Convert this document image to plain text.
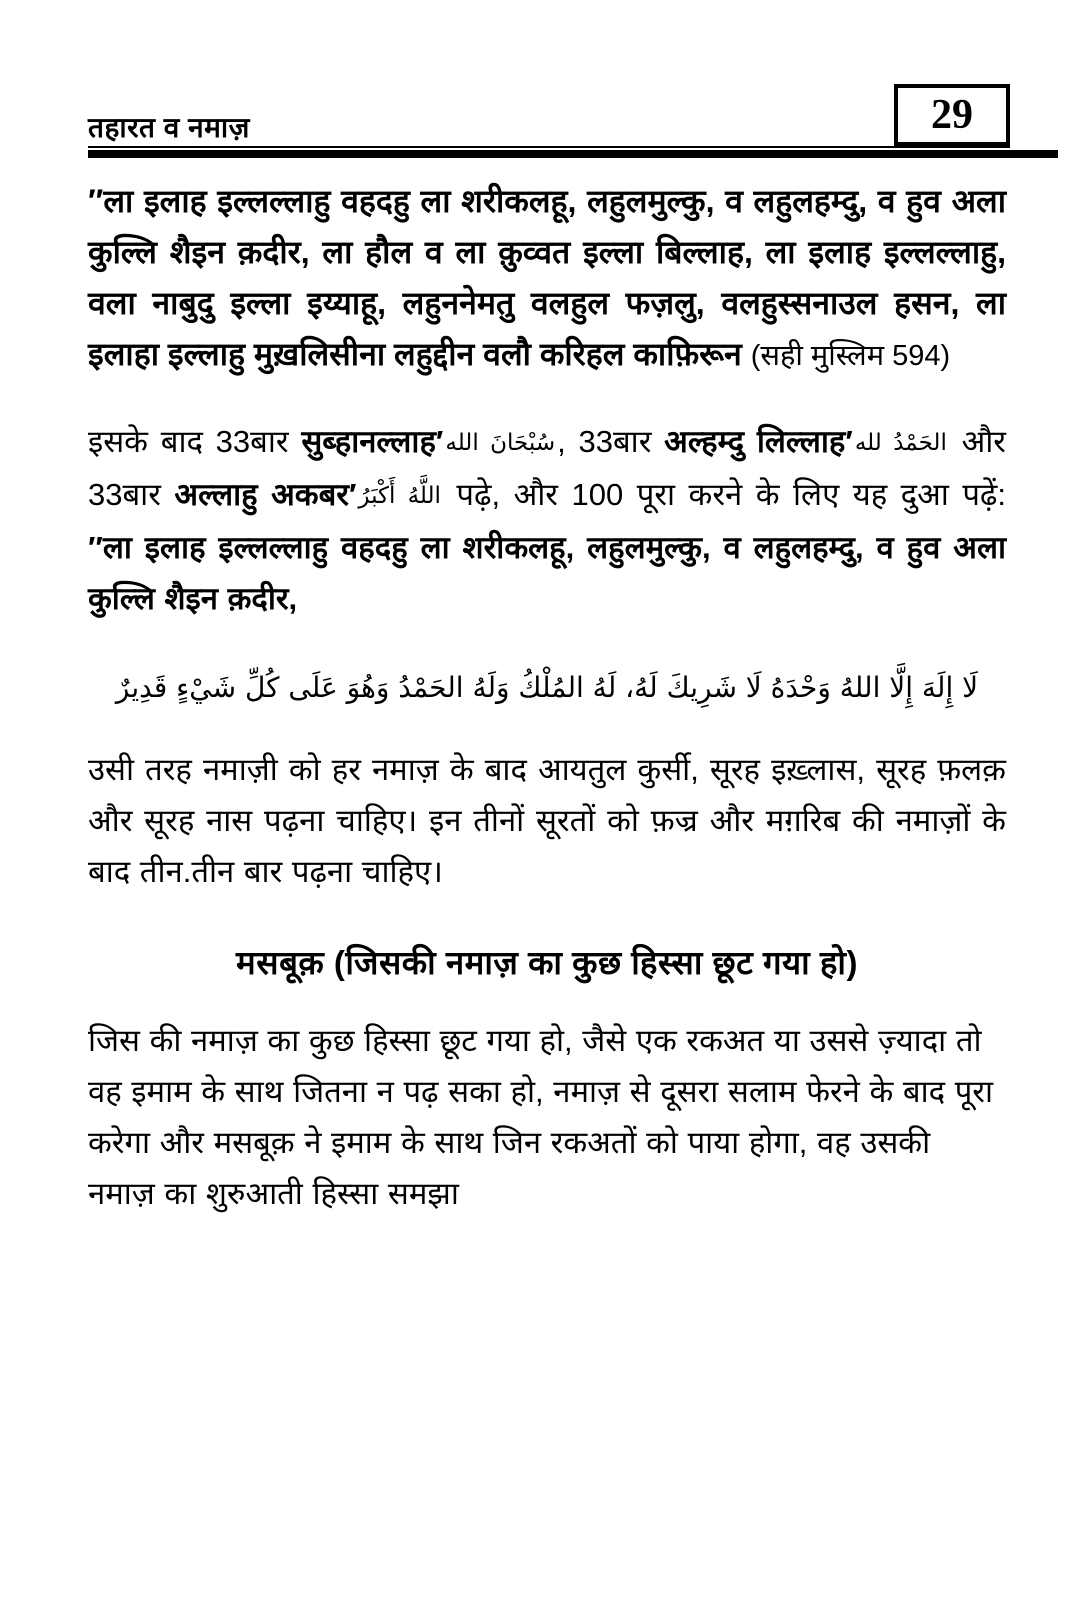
तहारत व नमाज़	29

″ला इलाह इल्लल्लाहु वहदहु ला शरीकलहू, लहुलमुल्कु, व लहुलहम्दु, व हुव अला कुल्लि शैइन क़दीर, ला हौल व ला क़ुव्वत इल्ला बिल्लाह, ला इलाह इल्लल्लाहु, वला नाबुदु इल्ला इय्याहू, लहुननेमतु वलहुल फज़लु, वलहुस्सनाउल हसन, ला इलाहा इल्लाहु मुख़लिसीना लहुद्दीन वलौ करिहल काफ़िरून (सही मुस्लिम 594)

इसके बाद 33बार सुब्हानल्लाह′سُبْحَانَ الله, 33बार अल्हम्दु लिल्लाह′الحَمْدُ لله और 33बार अल्लाहु अकबर′اللَّهُ أَكْبَرُ पढ़े, और 100 पूरा करने के लिए यह दुआ पढ़ें: ″ला इलाह इल्लल्लाहु वहदहु ला शरीकलहू, लहुलमुल्कु, व लहुलहम्दु, व हुव अला कुल्लि शैइन क़दीर,

لَا إِلَهَ إِلَّا اللهُ وَحْدَهُ لَا شَرِيكَ لَهُ، لَهُ المُلْكُ وَلَهُ الحَمْدُ وَهُوَ عَلَى كُلِّ شَيْءٍ قَدِيرٌ

उसी तरह नमाज़ी को हर नमाज़ के बाद आयतुल कुर्सी, सूरह इख़्लास, सूरह फ़लक़ और सूरह नास पढ़ना चाहिए। इन तीनों सूरतों को फ़ज्र और मग़रिब की नमाज़ों के बाद तीन.तीन बार पढ़ना चाहिए।

मसबूक़ (जिसकी नमाज़ का कुछ हिस्सा छूट गया हो)

जिस की नमाज़ का कुछ हिस्सा छूट गया हो, जैसे एक रकअत या उससे ज़्यादा तो वह इमाम के साथ जितना न पढ़ सका हो, नमाज़ से दूसरा सलाम फेरने के बाद पूरा करेगा और मसबूक़ ने इमाम के साथ जिन रकअतों को पाया होगा, वह उसकी नमाज़ का शुरुआती हिस्सा समझा
